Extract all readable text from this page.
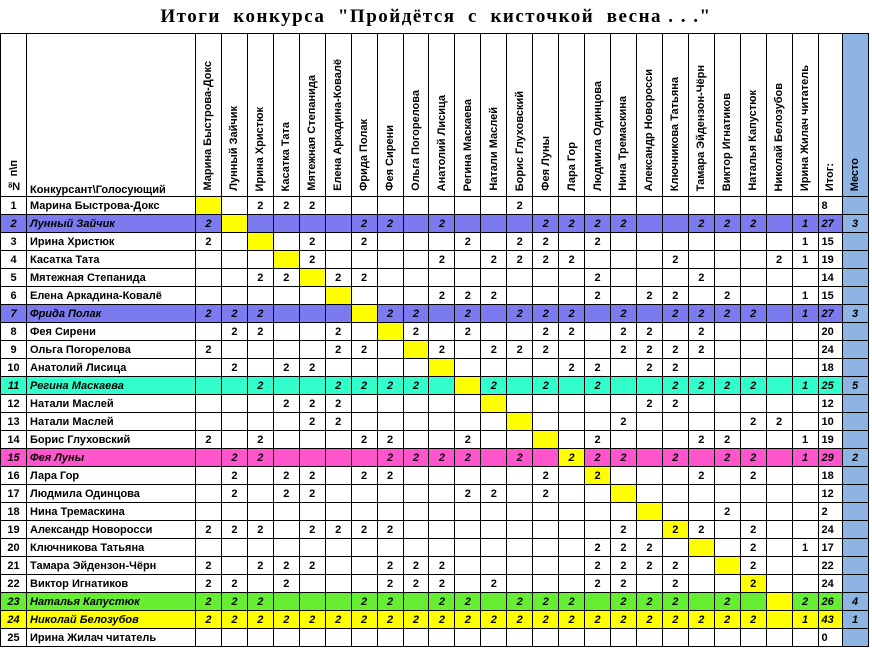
Итоги  конкурса  "Пройдётся  с  кисточкой  весна . . ."
№ п\п	Конкурсант\Голосующий	Марина Быстрова-Докс	Лунный Зайчик	Ирина Христюк	Касатка Тата	Мятежная Степанида	Елена Аркадина-Ковалё	Фрида Полак	Фея Сирени	Ольга Погорелова	Анатолий Лисица	Регина Маскаева	Натали Маслей	Борис Глуховский	Фея Луны	Лара Гор	Людмила Одинцова	Нина Тремаскина	Александр Новоросси	Ключникова Татьяна	Тамара Эйдензон-Чёрн	Виктор Игнатиков	Наталья Капустюк	Николай Белозубов	Ирина Жилач читатель	Итог:	Место
1	Марина Быстрова-Докс			2	2	2								2												8	
2	Лунный Зайчик	2						2	2		2				2	2	2	2			2	2	2		1	27	3
3	Ирина Христюк	2				2		2				2		2	2		2								1	15	
4	Касатка Тата					2					2		2	2	2	2				2				2	1	19	
5	Мятежная Степанида			2	2		2	2									2				2					14	
6	Елена Аркадина-Ковалё										2	2	2				2		2	2		2			1	15	
7	Фрида Полак	2	2	2					2	2		2		2	2	2		2		2	2	2	2		1	27	3
8	Фея Сирени		2	2			2			2		2			2	2		2	2		2					20	
9	Ольга Погорелова	2					2	2			2		2	2	2			2	2	2	2					24	
10	Анатолий Лисица		2		2	2										2	2		2	2						18	
11	Регина Маскаева			2			2	2	2	2			2		2		2			2	2	2	2		1	25	5
12	Натали Маслей				2	2	2												2	2						12	
13	Натали Маслей					2	2											2					2	2		10	
14	Борис Глуховский	2		2				2	2			2					2				2	2			1	19	
15	Фея Луны		2	2					2	2	2	2		2		2	2	2		2		2	2		1	29	2
16	Лара Гор		2		2	2		2	2						2		2				2		2			18	
17	Людмила Одинцова		2		2	2						2	2		2											12	
18	Нина Тремаскина																					2				2	
19	Александр Новоросси	2	2	2		2	2	2	2									2		2	2		2			24	
20	Ключникова Татьяна																2	2	2				2		1	17	
21	Тамара Эйдензон-Чёрн	2		2	2	2			2	2	2						2	2	2	2			2			22	
22	Виктор Игнатиков	2	2		2				2	2	2		2				2	2		2			2			24	
23	Наталья Капустюк	2	2	2				2	2		2	2		2	2	2		2	2	2		2			2	26	4
24	Николай Белозубов	2	2	2	2	2	2	2	2	2	2	2	2	2	2	2	2	2	2	2	2	2	2		1	43	1
25	Ирина Жилач читатель																									0	
